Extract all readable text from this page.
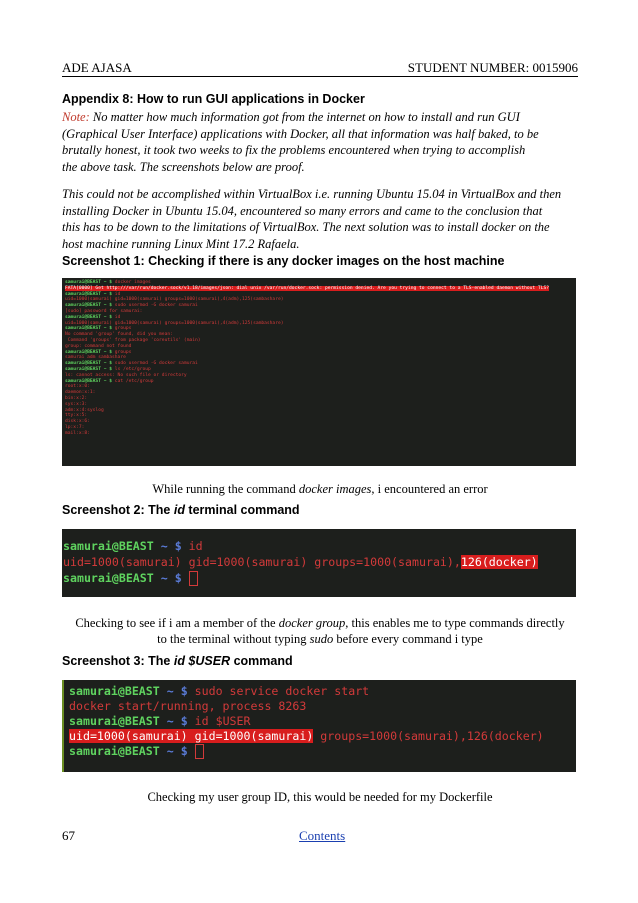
ADE AJASA	STUDENT NUMBER: 0015906
Appendix 8: How to run GUI applications in Docker
Note: No matter how much information got from the internet on how to install and run GUI
(Graphical User Interface) applications with Docker, all that information was half baked, to be
brutally honest, it took two weeks to fix the problems encountered when trying to accomplish
the above task. The screenshots below are proof.
This could not be accomplished within VirtualBox i.e. running Ubuntu 15.04 in VirtualBox and then
installing Docker in Ubuntu 15.04, encountered so many errors and came to the conclusion that
this has to be down to the limitations of VirtualBox. The next solution was to install docker on the
host machine running Linux Mint 17.2 Rafaela.
Screenshot 1: Checking if there is any docker images on the host machine
samurai@BEAST ~ $ docker images
FATA[0000] Get http:///var/run/docker.sock/v1.18/images/json: dial unix /var/run/docker.sock: permission denied. Are you trying to connect to a TLS-enabled daemon without TLS?
samurai@BEAST ~ $ id
uid=1000(samurai) gid=1000(samurai) groups=1000(samurai),4(adm),125(sambashare)
samurai@BEAST ~ $ sudo usermod -G docker samurai
[sudo] password for samurai:
samurai@BEAST ~ $ id
uid=1000(samurai) gid=1000(samurai) groups=1000(samurai),4(adm),125(sambashare)
samurai@BEAST ~ $ groups
No command 'group' found, did you mean:
Command 'groups' from package 'coreutils' (main)
group: command not found
samurai@BEAST ~ $ groups
samurai adm sambashare
samurai@BEAST ~ $ sudo usermod -G docker samurai
samurai@BEAST ~ $ ls /etc/group
ls: cannot access: No such file or directory
samurai@BEAST ~ $ cat /etc/group
root:x:0:
daemon:x:1:
bin:x:2:
sys:x:3:
adm:x:4:syslog
tty:x:5:
disk:x:6:
lp:x:7:
mail:x:8:
While running the command docker images, i encountered an error
Screenshot 2: The id terminal command
samurai@BEAST ~ $ id
uid=1000(samurai) gid=1000(samurai) groups=1000(samurai),126(docker)
samurai@BEAST ~ $
Checking to see if i am a member of the docker group, this enables me to type commands directly
to the terminal without typing sudo before every command i type
Screenshot 3: The id $USER command
samurai@BEAST ~ $ sudo service docker start
docker start/running, process 8263
samurai@BEAST ~ $ id $USER
uid=1000(samurai) gid=1000(samurai) groups=1000(samurai),126(docker)
samurai@BEAST ~ $
Checking my user group ID, this would be needed for my Dockerfile
67	Contents
